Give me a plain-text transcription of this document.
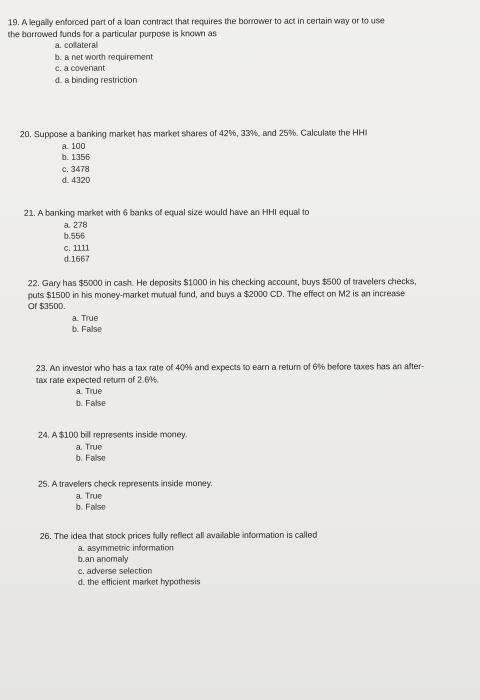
19. A legally enforced part of a loan contract that requires the borrower to act in certain way or to use
the borrowed funds for a particular purpose is known as
a. collateral
b. a net worth requirement
c. a covenant
d. a binding restriction
20. Suppose a banking market has market shares of 42%, 33%, and 25%. Calculate the HHI
a. 100
b. 1356
c. 3478
d. 4320
21. A banking market with 6 banks of equal size would have an HHI equal to
a. 278
b.556
c. 1111
d.1667
22. Gary has $5000 in cash. He deposits $1000 in his checking account, buys $500 of travelers checks,
puts $1500 in his money-market mutual fund, and buys a $2000 CD. The effect on M2 is an increase
Of $3500.
a. True
b. False
23. An investor who has a tax rate of 40% and expects to earn a return of 6% before taxes has an after-
tax rate expected return of 2.6%.
a. True
b. False
24. A $100 bill represents inside money.
a. True
b. False
25. A travelers check represents inside money.
a. True
b. False
26. The idea that stock prices fully reflect all available information is called
a. asymmetric information
b.an anomaly
c. adverse selection
d. the efficient market hypothesis
